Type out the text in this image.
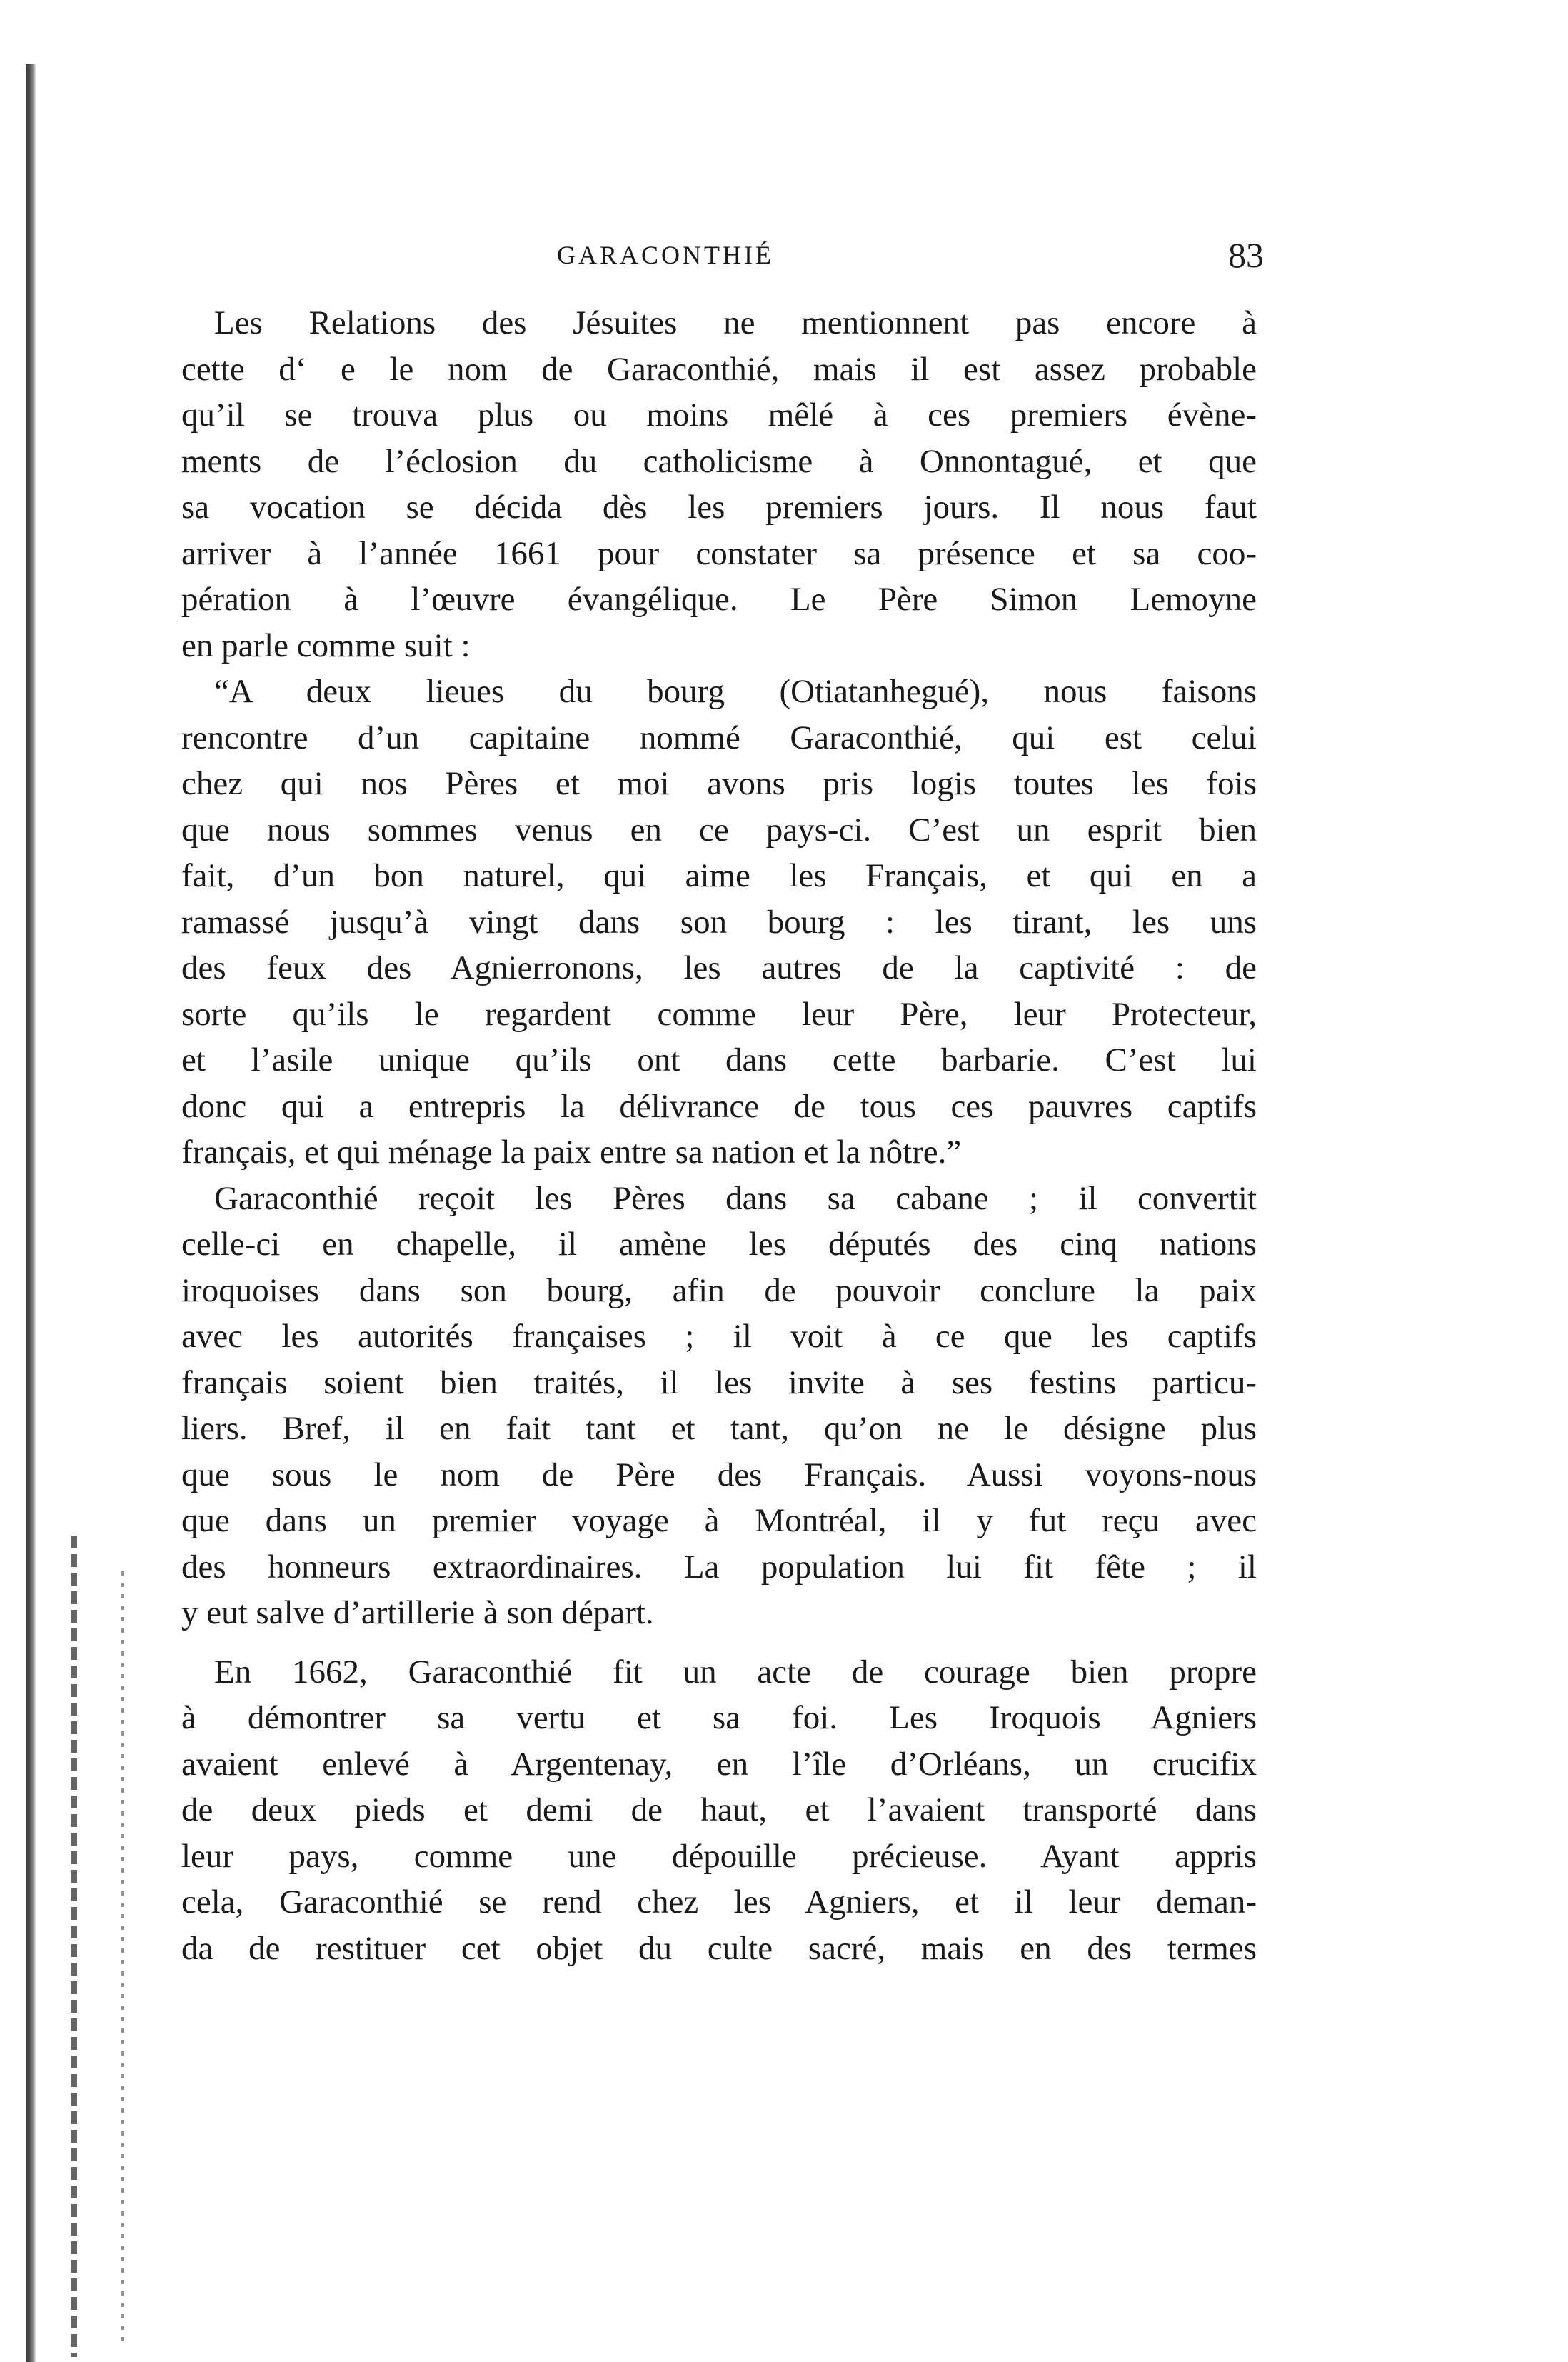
GARACONTHIÉ	83
Les Relations des Jésuites ne mentionnent pas encore à
cette d‘ e le nom de Garaconthié, mais il est assez probable
qu’il se trouva plus ou moins mêlé à ces premiers évène-
ments de l’éclosion du catholicisme à Onnontagué, et que
sa vocation se décida dès les premiers jours. Il nous faut
arriver à l’année 1661 pour constater sa présence et sa coo-
pération à l’œuvre évangélique. Le Père Simon Lemoyne
en parle comme suit :
“A deux lieues du bourg (Otiatanhegué), nous faisons
rencontre d’un capitaine nommé Garaconthié, qui est celui
chez qui nos Pères et moi avons pris logis toutes les fois
que nous sommes venus en ce pays-ci. C’est un esprit bien
fait, d’un bon naturel, qui aime les Français, et qui en a
ramassé jusqu’à vingt dans son bourg : les tirant, les uns
des feux des Agnierronons, les autres de la captivité : de
sorte qu’ils le regardent comme leur Père, leur Protecteur,
et l’asile unique qu’ils ont dans cette barbarie. C’est lui
donc qui a entrepris la délivrance de tous ces pauvres captifs
français, et qui ménage la paix entre sa nation et la nôtre.”
Garaconthié reçoit les Pères dans sa cabane ; il convertit
celle-ci en chapelle, il amène les députés des cinq nations
iroquoises dans son bourg, afin de pouvoir conclure la paix
avec les autorités françaises ; il voit à ce que les captifs
français soient bien traités, il les invite à ses festins particu-
liers. Bref, il en fait tant et tant, qu’on ne le désigne plus
que sous le nom de Père des Français. Aussi voyons-nous
que dans un premier voyage à Montréal, il y fut reçu avec
des honneurs extraordinaires. La population lui fit fête ; il
y eut salve d’artillerie à son départ.
En 1662, Garaconthié fit un acte de courage bien propre
à démontrer sa vertu et sa foi. Les Iroquois Agniers
avaient enlevé à Argentenay, en l’île d’Orléans, un crucifix
de deux pieds et demi de haut, et l’avaient transporté dans
leur pays, comme une dépouille précieuse. Ayant appris
cela, Garaconthié se rend chez les Agniers, et il leur deman-
da de restituer cet objet du culte sacré, mais en des termes
